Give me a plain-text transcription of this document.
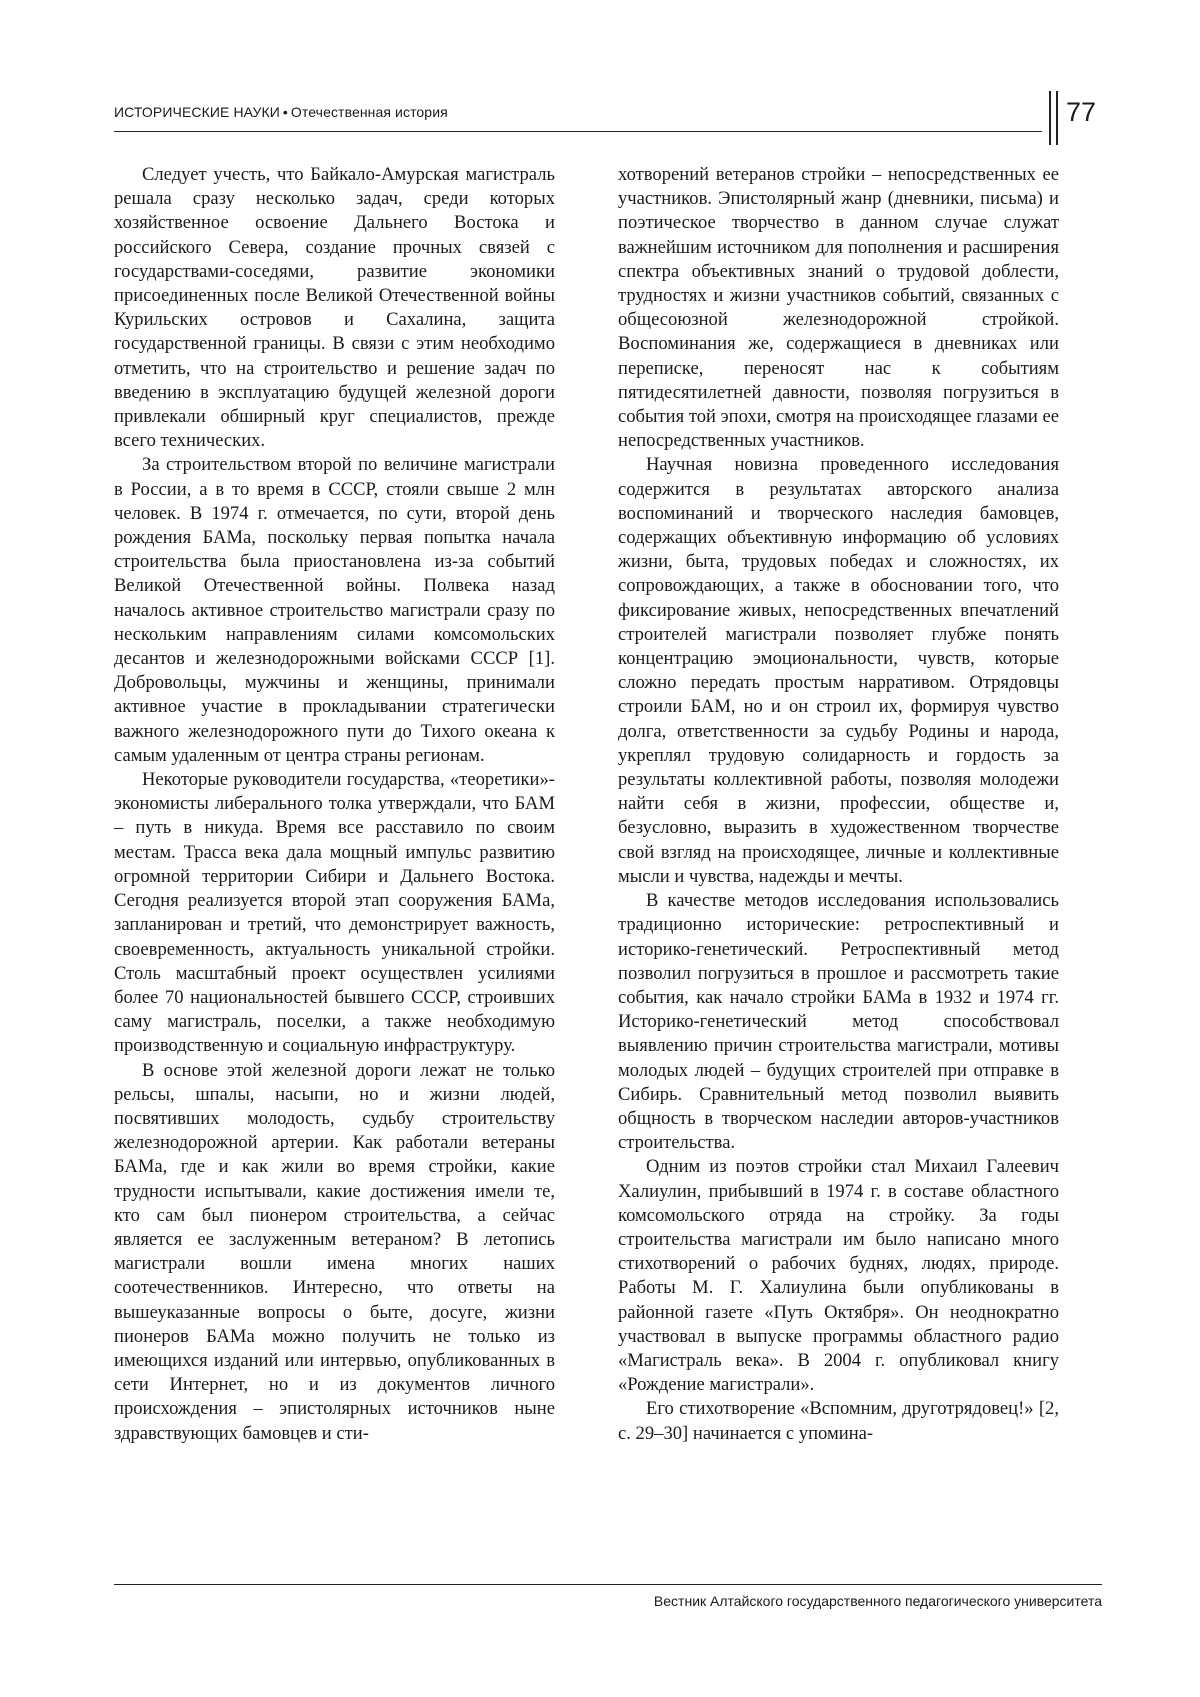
ИСТОРИЧЕСКИЕ НАУКИ • Отечественная история	77

Следует учесть, что Байкало-Амурская магистраль решала сразу несколько задач, среди которых хозяйственное освоение Дальнего Востока и российского Севера, создание прочных связей с государствами-соседями, развитие экономики присоединенных после Великой Отечественной войны Курильских островов и Сахалина, защита государственной границы. В связи с этим необходимо отметить, что на строительство и решение задач по введению в эксплуатацию будущей железной дороги привлекали обширный круг специалистов, прежде всего технических.

За строительством второй по величине магистрали в России, а в то время в СССР, стояли свыше 2 млн человек. В 1974 г. отмечается, по сути, второй день рождения БАМа, поскольку первая попытка начала строительства была приостановлена из-за событий Великой Отечественной войны. Полвека назад началось активное строительство магистрали сразу по нескольким направлениям силами комсомольских десантов и железнодорожными войсками СССР [1]. Добровольцы, мужчины и женщины, принимали активное участие в прокладывании стратегически важного железнодорожного пути до Тихого океана к самым удаленным от центра страны регионам.

Некоторые руководители государства, «теоретики»-экономисты либерального толка утверждали, что БАМ – путь в никуда. Время все расставило по своим местам. Трасса века дала мощный импульс развитию огромной территории Сибири и Дальнего Востока. Сегодня реализуется второй этап сооружения БАМа, запланирован и третий, что демонстрирует важность, своевременность, актуальность уникальной стройки. Столь масштабный проект осуществлен усилиями более 70 национальностей бывшего СССР, строивших саму магистраль, поселки, а также необходимую производственную и социальную инфраструктуру.

В основе этой железной дороги лежат не только рельсы, шпалы, насыпи, но и жизни людей, посвятивших молодость, судьбу строительству железнодорожной артерии. Как работали ветераны БАМа, где и как жили во время стройки, какие трудности испытывали, какие достижения имели те, кто сам был пионером строительства, а сейчас является ее заслуженным ветераном? В летопись магистрали вошли имена многих наших соотечественников. Интересно, что ответы на вышеуказанные вопросы о быте, досуге, жизни пионеров БАМа можно получить не только из имеющихся изданий или интервью, опубликованных в сети Интернет, но и из документов личного происхождения – эпистолярных источников ныне здравствующих бамовцев и сти-

хотворений ветеранов стройки – непосредственных ее участников. Эпистолярный жанр (дневники, письма) и поэтическое творчество в данном случае служат важнейшим источником для пополнения и расширения спектра объективных знаний о трудовой доблести, трудностях и жизни участников событий, связанных с общесоюзной железнодорожной стройкой. Воспоминания же, содержащиеся в дневниках или переписке, переносят нас к событиям пятидесятилетней давности, позволяя погрузиться в события той эпохи, смотря на происходящее глазами ее непосредственных участников.

Научная новизна проведенного исследования содержится в результатах авторского анализа воспоминаний и творческого наследия бамовцев, содержащих объективную информацию об условиях жизни, быта, трудовых победах и сложностях, их сопровождающих, а также в обосновании того, что фиксирование живых, непосредственных впечатлений строителей магистрали позволяет глубже понять концентрацию эмоциональности, чувств, которые сложно передать простым нарративом. Отрядовцы строили БАМ, но и он строил их, формируя чувство долга, ответственности за судьбу Родины и народа, укреплял трудовую солидарность и гордость за результаты коллективной работы, позволяя молодежи найти себя в жизни, профессии, обществе и, безусловно, выразить в художественном творчестве свой взгляд на происходящее, личные и коллективные мысли и чувства, надежды и мечты.

В качестве методов исследования использовались традиционно исторические: ретроспективный и историко-генетический. Ретроспективный метод позволил погрузиться в прошлое и рассмотреть такие события, как начало стройки БАМа в 1932 и 1974 гг. Историко-генетический метод способствовал выявлению причин строительства магистрали, мотивы молодых людей – будущих строителей при отправке в Сибирь. Сравнительный метод позволил выявить общность в творческом наследии авторов-участников строительства.

Одним из поэтов стройки стал Михаил Галеевич Халиулин, прибывший в 1974 г. в составе областного комсомольского отряда на стройку. За годы строительства магистрали им было написано много стихотворений о рабочих буднях, людях, природе. Работы М. Г. Халиулина были опубликованы в районной газете «Путь Октября». Он неоднократно участвовал в выпуске программы областного радио «Магистраль века». В 2004 г. опубликовал книгу «Рождение магистрали».

Его стихотворение «Вспомним, друготрядовец!» [2, с. 29–30] начинается с упомина-

Вестник Алтайского государственного педагогического университета
